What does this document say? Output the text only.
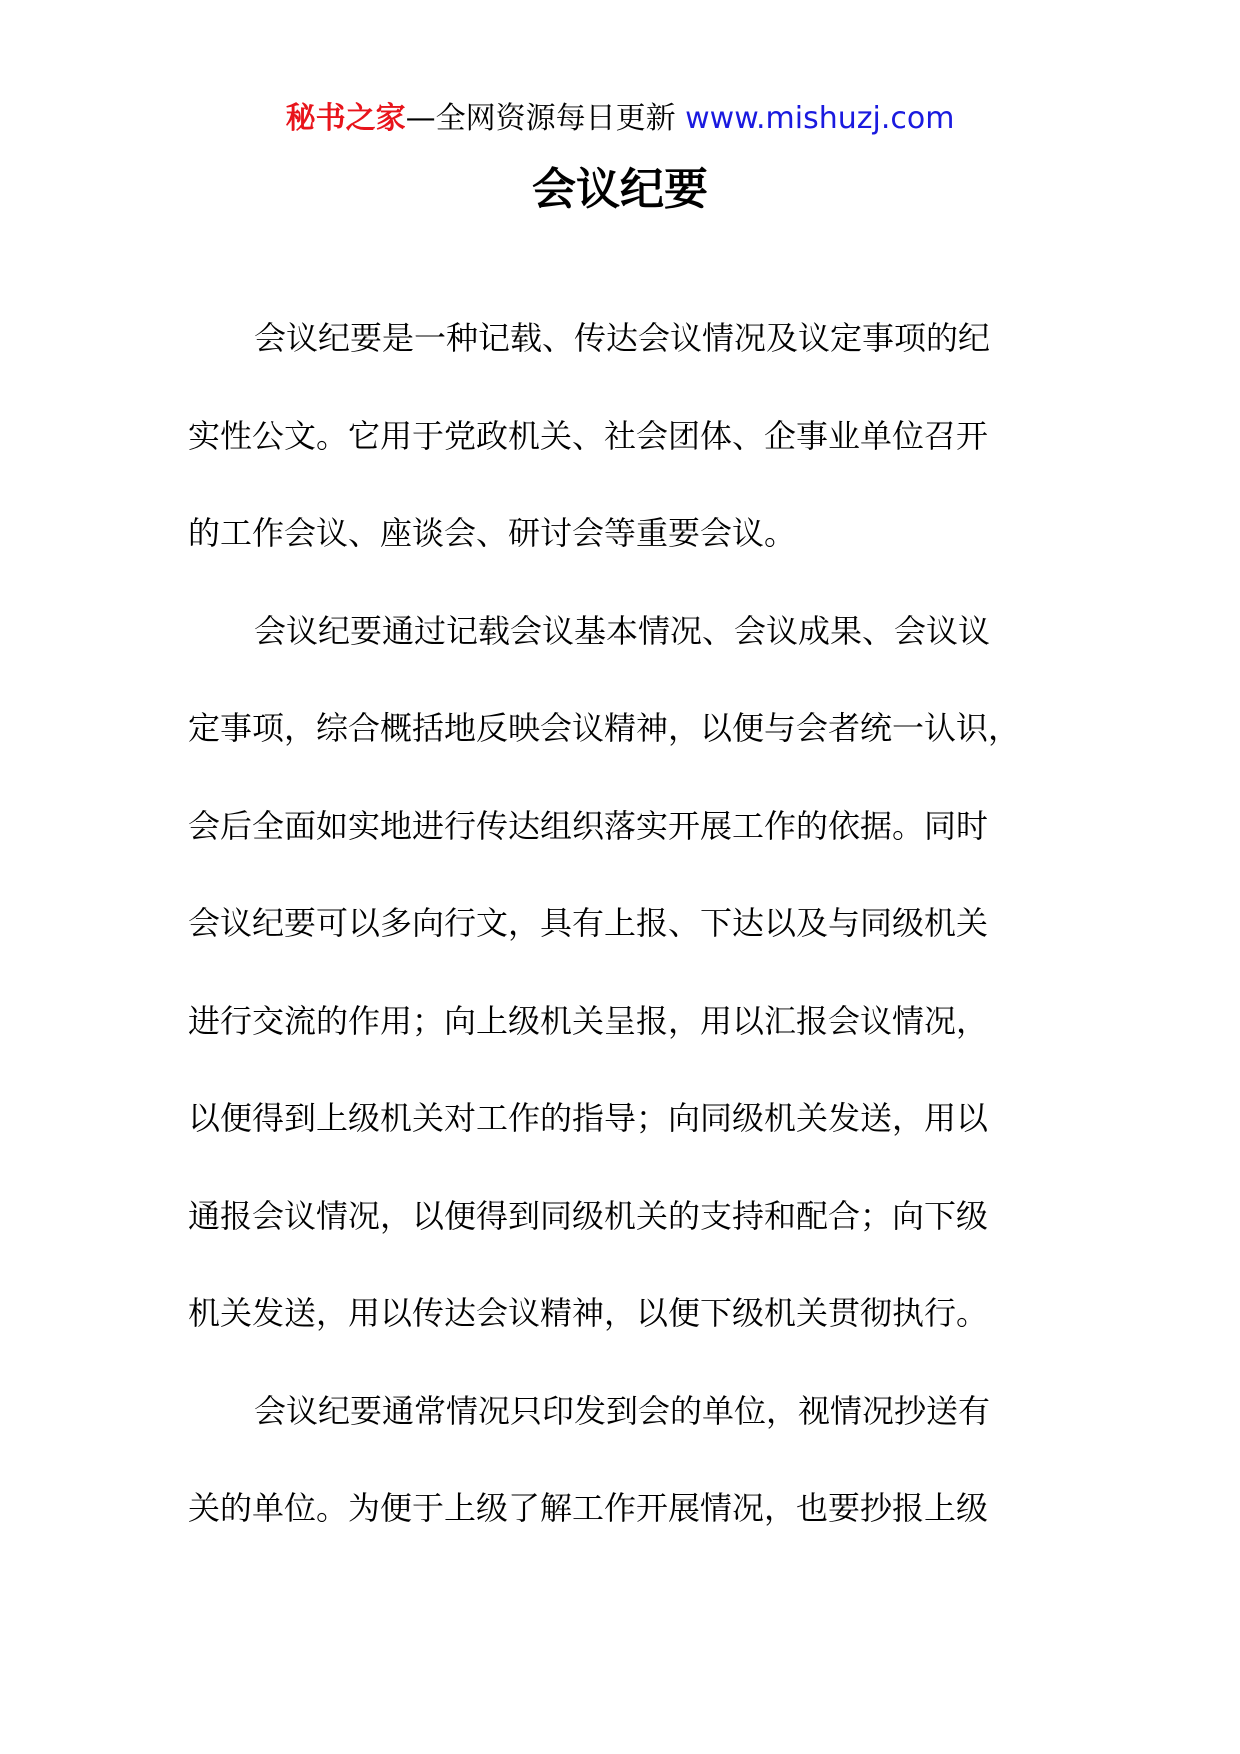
秘书之家—全网资源每日更新 www.mishuzj.com
会议纪要

会议纪要是一种记载、传达会议情况及议定事项的纪
实性公文。它用于党政机关、社会团体、企事业单位召开
的工作会议、座谈会、研讨会等重要会议。

会议纪要通过记载会议基本情况、会议成果、会议议
定事项，综合概括地反映会议精神，以便与会者统一认识，
会后全面如实地进行传达组织落实开展工作的依据。同时
会议纪要可以多向行文，具有上报、下达以及与同级机关
进行交流的作用；向上级机关呈报，用以汇报会议情况，
以便得到上级机关对工作的指导；向同级机关发送，用以
通报会议情况，以便得到同级机关的支持和配合；向下级
机关发送，用以传达会议精神，以便下级机关贯彻执行。

会议纪要通常情况只印发到会的单位，视情况抄送有
关的单位。为便于上级了解工作开展情况，也要抄报上级
